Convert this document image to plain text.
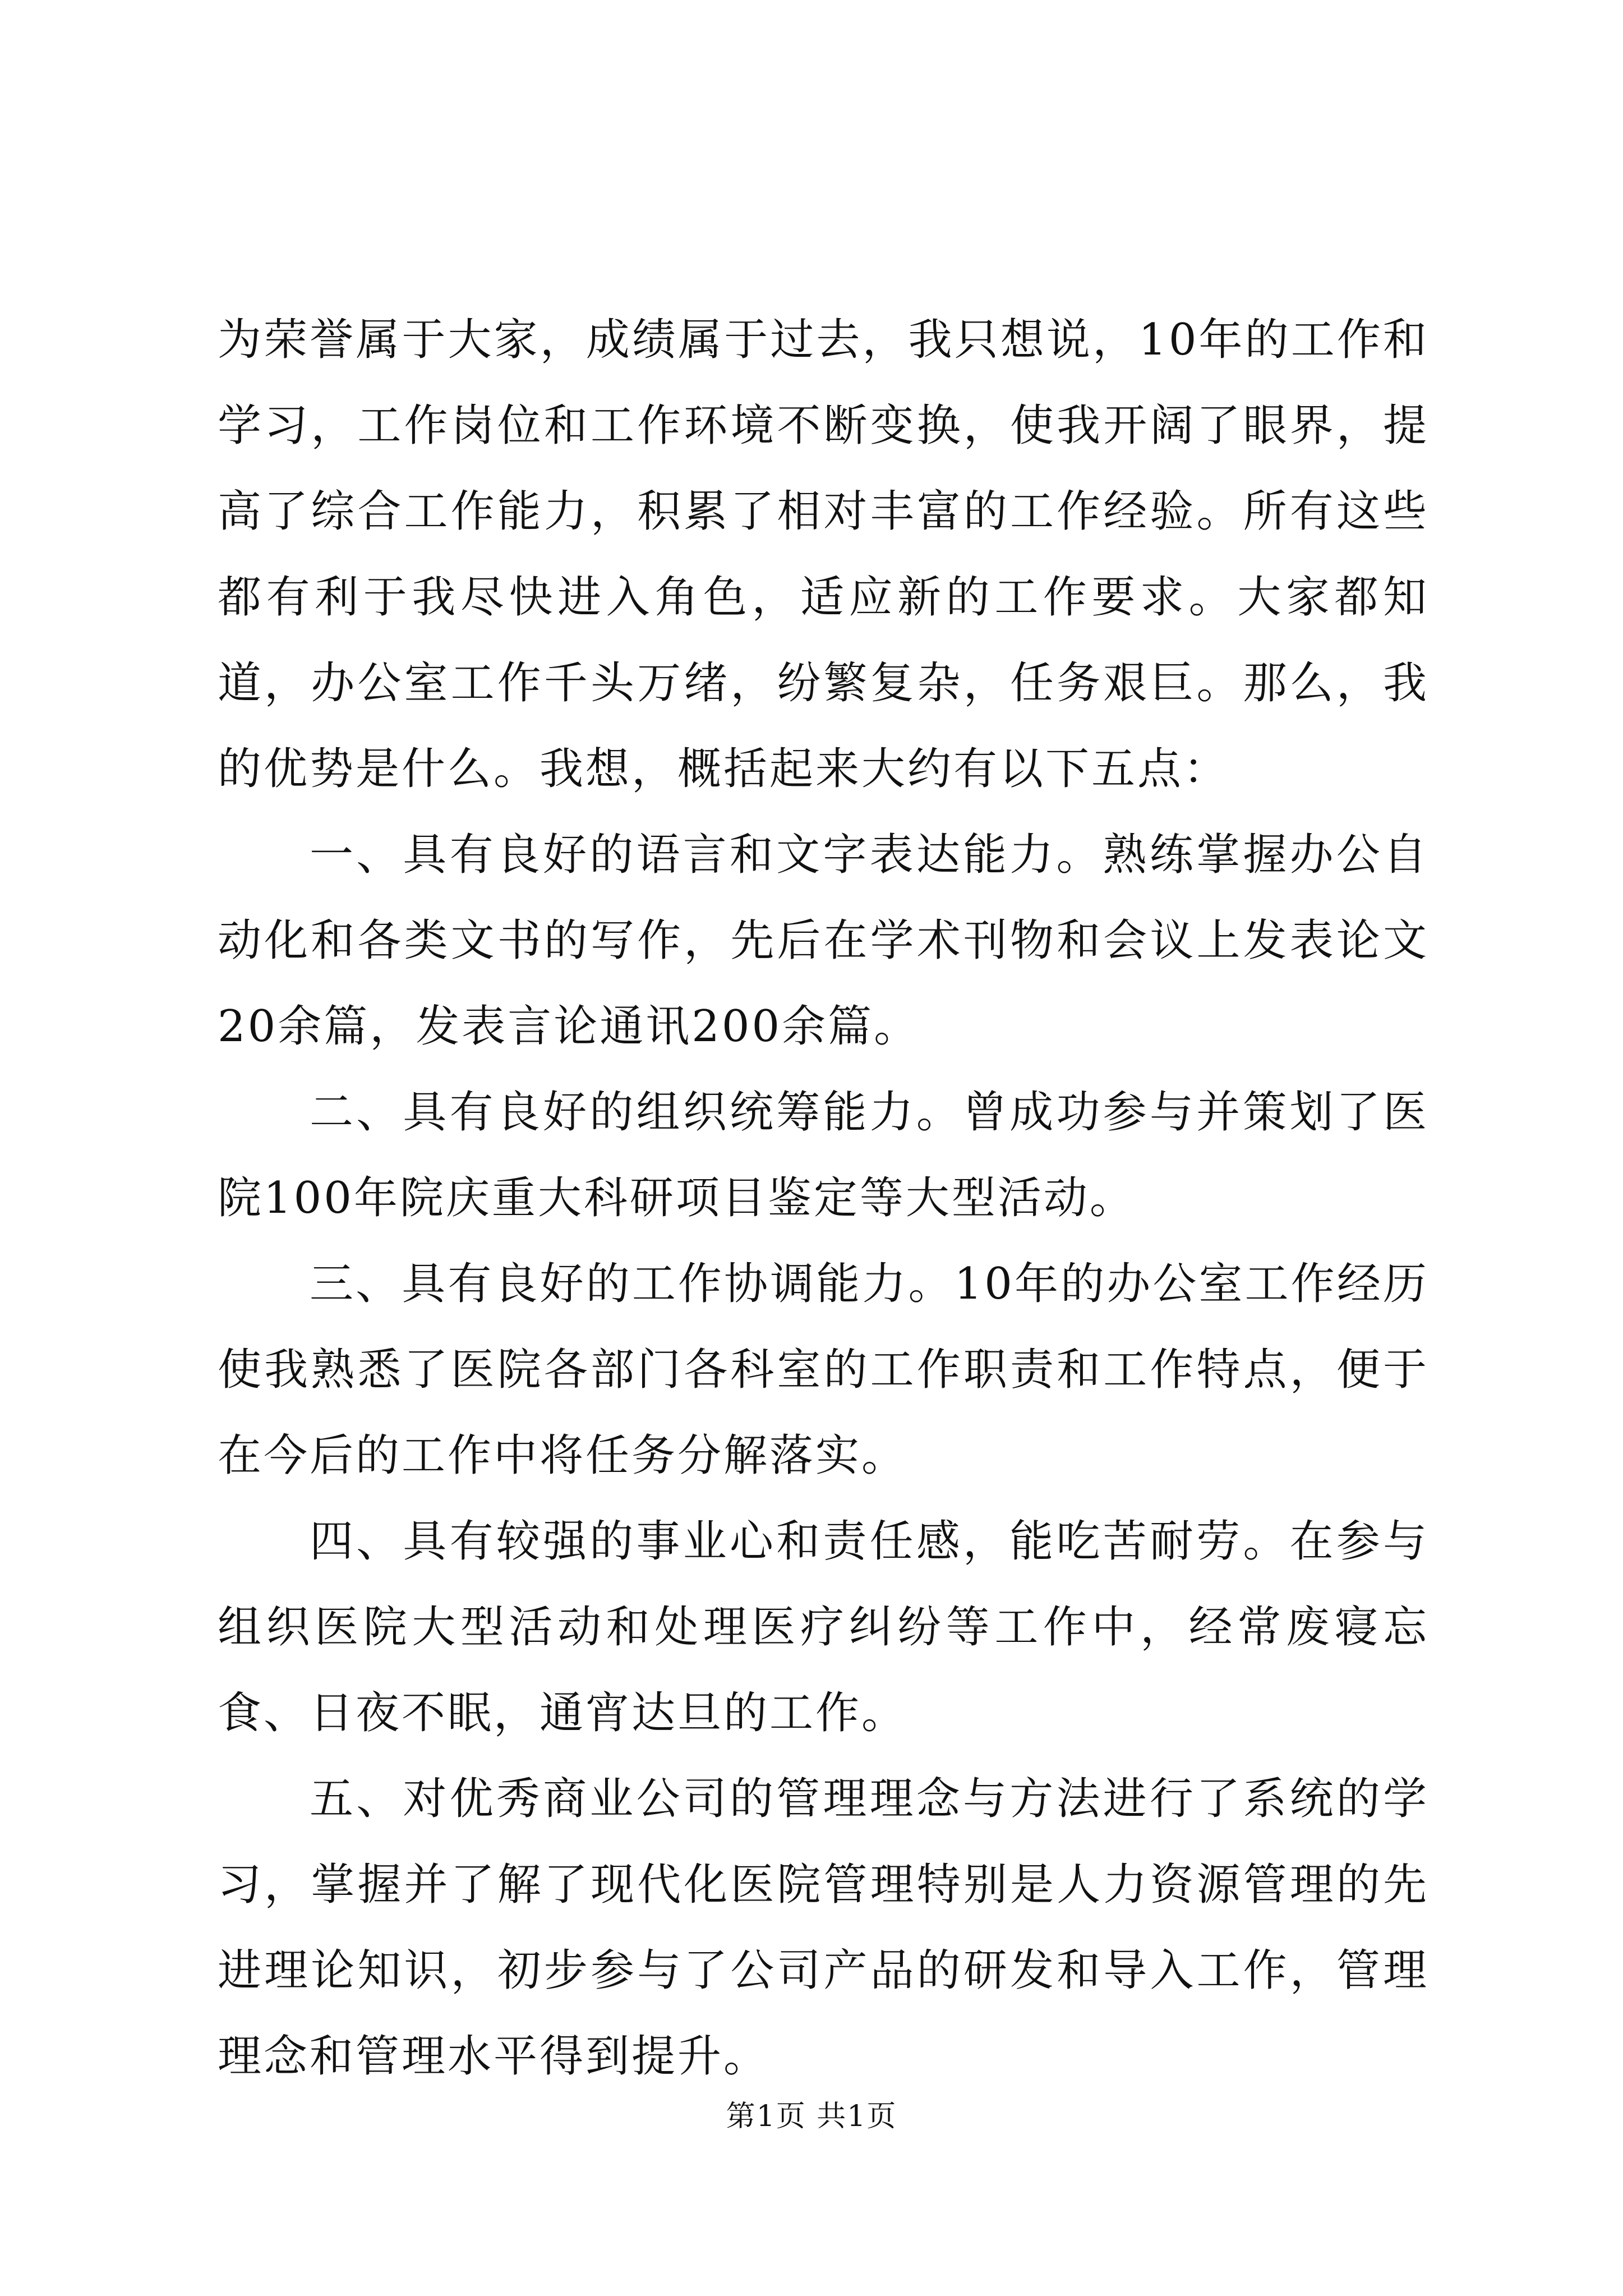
为荣誉属于大家，成绩属于过去，我只想说，10年的工作和学习，工作岗位和工作环境不断变换，使我开阔了眼界，提高了综合工作能力，积累了相对丰富的工作经验。所有这些都有利于我尽快进入角色，适应新的工作要求。大家都知道，办公室工作千头万绪，纷繁复杂，任务艰巨。那么，我的优势是什么。我想，概括起来大约有以下五点：

一、具有良好的语言和文字表达能力。熟练掌握办公自动化和各类文书的写作，先后在学术刊物和会议上发表论文20余篇，发表言论通讯200余篇。

二、具有良好的组织统筹能力。曾成功参与并策划了医院100年院庆重大科研项目鉴定等大型活动。

三、具有良好的工作协调能力。10年的办公室工作经历使我熟悉了医院各部门各科室的工作职责和工作特点，便于在今后的工作中将任务分解落实。

四、具有较强的事业心和责任感，能吃苦耐劳。在参与组织医院大型活动和处理医疗纠纷等工作中，经常废寝忘食、日夜不眠，通宵达旦的工作。

五、对优秀商业公司的管理理念与方法进行了系统的学习，掌握并了解了现代化医院管理特别是人力资源管理的先进理论知识，初步参与了公司产品的研发和导入工作，管理理念和管理水平得到提升。

第1页 共1页
